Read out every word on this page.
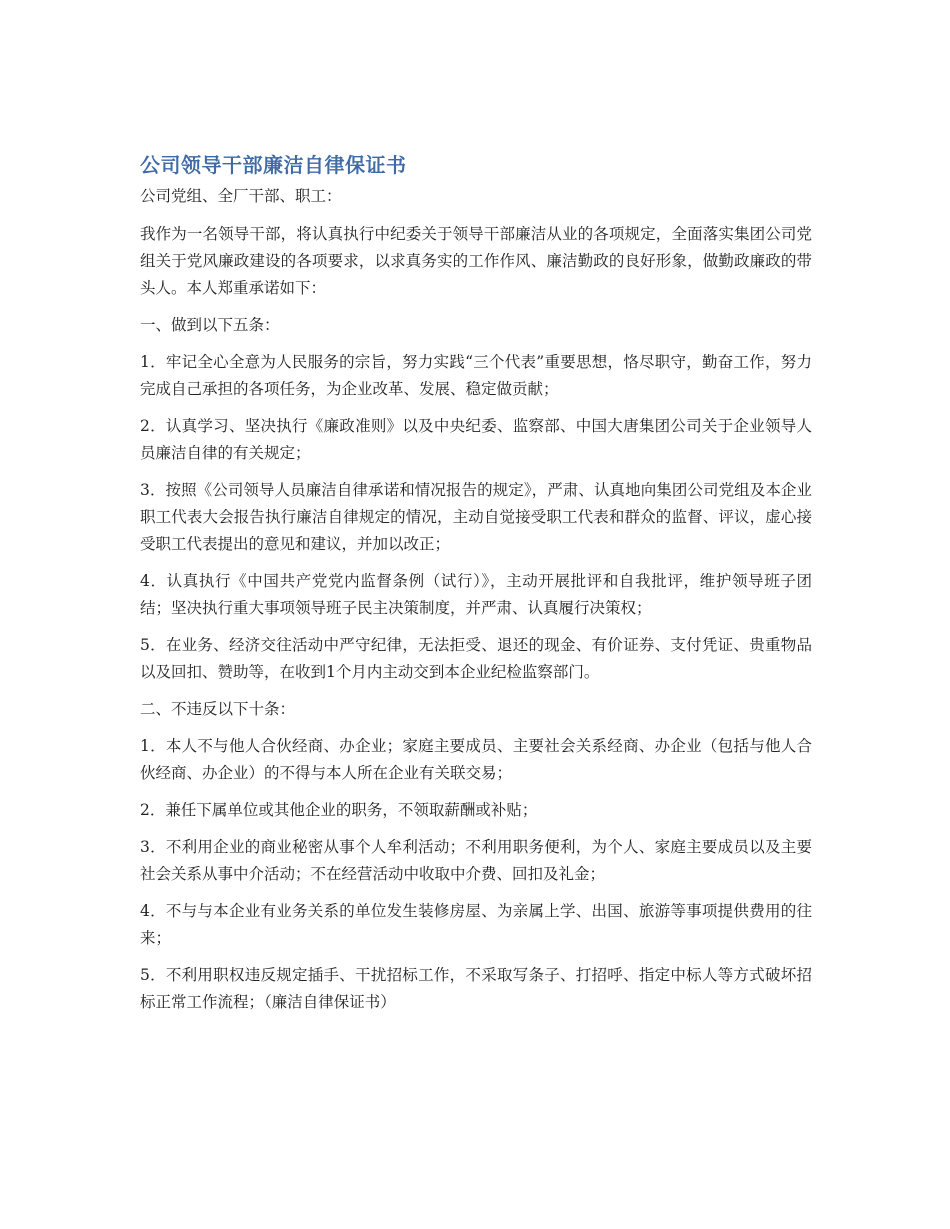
公司领导干部廉洁自律保证书
公司党组、全厂干部、职工：
我作为一名领导干部，将认真执行中纪委关于领导干部廉洁从业的各项规定，全面落实集团公司党组关于党风廉政建设的各项要求，以求真务实的工作作风、廉洁勤政的良好形象，做勤政廉政的带头人。本人郑重承诺如下：
一、做到以下五条：
1．牢记全心全意为人民服务的宗旨，努力实践“三个代表”重要思想，恪尽职守，勤奋工作，努力完成自己承担的各项任务，为企业改革、发展、稳定做贡献；
2．认真学习、坚决执行《廉政准则》以及中央纪委、监察部、中国大唐集团公司关于企业领导人员廉洁自律的有关规定；
3．按照《公司领导人员廉洁自律承诺和情况报告的规定》，严肃、认真地向集团公司党组及本企业职工代表大会报告执行廉洁自律规定的情况，主动自觉接受职工代表和群众的监督、评议，虚心接受职工代表提出的意见和建议，并加以改正；
4．认真执行《中国共产党党内监督条例（试行）》，主动开展批评和自我批评，维护领导班子团结；坚决执行重大事项领导班子民主决策制度，并严肃、认真履行决策权；
5．在业务、经济交往活动中严守纪律，无法拒受、退还的现金、有价证券、支付凭证、贵重物品以及回扣、赞助等，在收到1个月内主动交到本企业纪检监察部门。
二、不违反以下十条：
1．本人不与他人合伙经商、办企业；家庭主要成员、主要社会关系经商、办企业（包括与他人合伙经商、办企业）的不得与本人所在企业有关联交易；
2．兼任下属单位或其他企业的职务，不领取薪酬或补贴；
3．不利用企业的商业秘密从事个人牟利活动；不利用职务便利，为个人、家庭主要成员以及主要社会关系从事中介活动；不在经营活动中收取中介费、回扣及礼金；
4．不与与本企业有业务关系的单位发生装修房屋、为亲属上学、出国、旅游等事项提供费用的往来；
5．不利用职权违反规定插手、干扰招标工作，不采取写条子、打招呼、指定中标人等方式破坏招标正常工作流程；（廉洁自律保证书）
